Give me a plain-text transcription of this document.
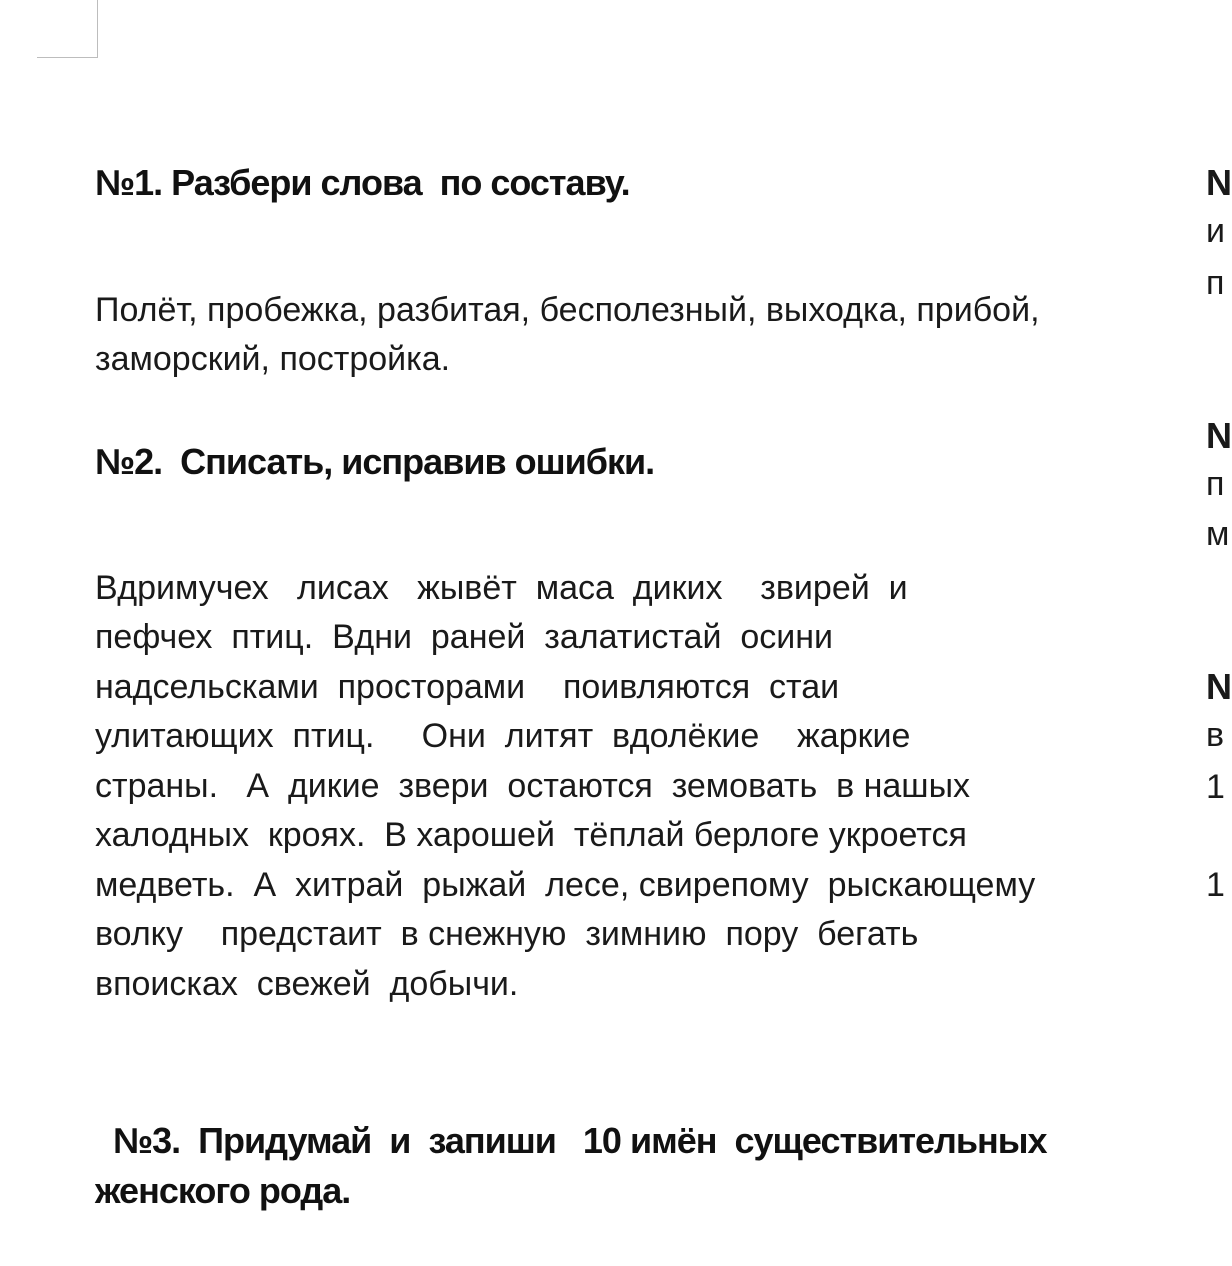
№1. Разбери слова  по составу.

Полёт, пробежка, разбитая, бесполезный, выходка, прибой,
заморский, постройка.

№2.  Списать, исправив ошибки.

Вдримучех   лисах   жывёт  маса  диких    звирей  и
пефчех  птиц.  Вдни  раней  залатистай  осини
надсельсками  просторами    поивляются  стаи
улитающих  птиц.     Они  литят  вдолёкие    жаркие
страны.   А  дикие  звери  остаются  земовать  в нашых
халодных  кроях.  В харошей  тёплай берлоге укроется
медветь.  А  хитрай  рыжай  лесе, свирепому  рыскающему
волку    предстаит  в снежную  зимнию  пору  бегать
впоисках  свежей  добычи.

№3.  Придумай  и  запиши   10 имён  существительных
женского рода.

N
и
п
N
п
м
N
в
1
1
